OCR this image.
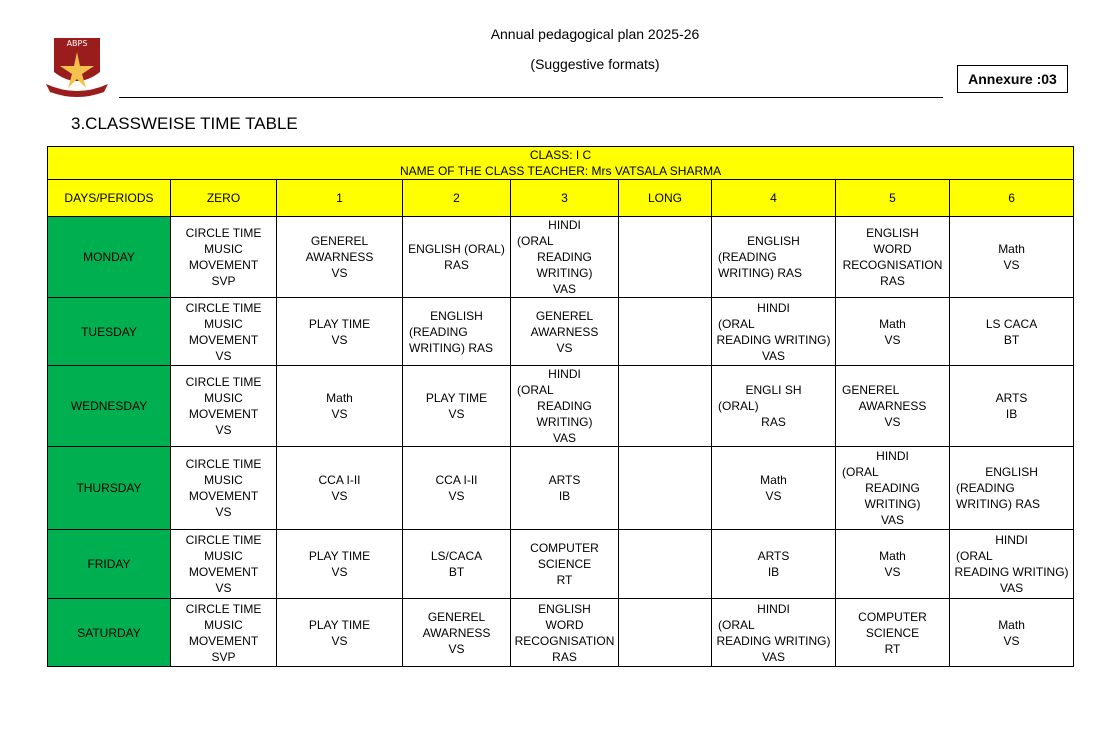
ABPS
Annual pedagogical plan 2025-26
(Suggestive formats)
Annexure :03
3.CLASSWEISE TIME TABLE
CLASS: I C
NAME OF THE CLASS TEACHER: Mrs VATSALA SHARMA								

DAYS/PERIODS	ZERO	1	2	3	LONG	4	5	6
MONDAY	CIRCLE TIME
MUSIC
MOVEMENT
SVP	GENEREL
AWARNESS
VS	ENGLISH (ORAL)
RAS	HINDI
(ORAL
READING
WRITING)
VAS		ENGLISH
(READING
WRITING) RAS	ENGLISH
WORD
RECOGNISATION
RAS	Math
VS

TUESDAY	CIRCLE TIME
MUSIC
MOVEMENT
VS	PLAY TIME
VS	ENGLISH
(READING
WRITING) RAS	GENEREL
AWARNESS
VS		HINDI
(ORAL
READING WRITING)
VAS	Math
VS	LS CACA
BT

WEDNESDAY	CIRCLE TIME
MUSIC
MOVEMENT
VS	Math
VS	PLAY TIME
VS	HINDI
(ORAL
READING
WRITING)
VAS		ENGLI SH
(ORAL)
RAS	GENEREL
AWARNESS
VS	ARTS
IB

THURSDAY	CIRCLE TIME
MUSIC
MOVEMENT
VS	CCA I-II
VS	CCA I-II
VS	ARTS
IB		Math
VS	HINDI
(ORAL
READING
WRITING)
VAS	ENGLISH
(READING
WRITING) RAS

FRIDAY	CIRCLE TIME
MUSIC
MOVEMENT
VS	PLAY TIME
VS	LS/CACA
BT	COMPUTER
SCIENCE
RT		ARTS
IB	Math
VS	HINDI
(ORAL
READING WRITING)
VAS

SATURDAY	CIRCLE TIME
MUSIC
MOVEMENT
SVP	PLAY TIME
VS	GENEREL
AWARNESS
VS	ENGLISH
WORD
RECOGNISATION
RAS		HINDI
(ORAL
READING WRITING)
VAS	COMPUTER
SCIENCE
RT	Math
VS
